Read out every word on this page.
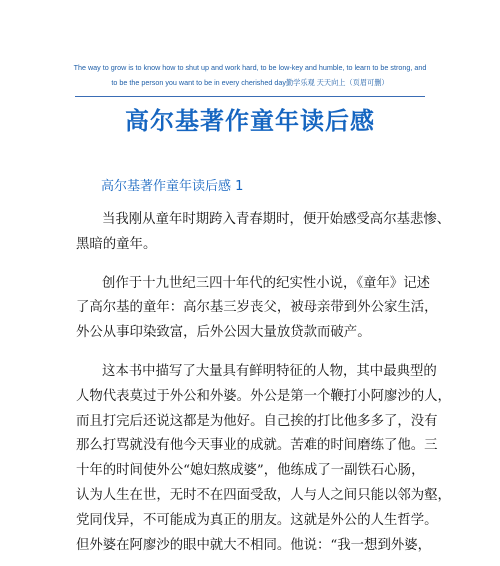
The way to grow is to know how to shut up and work hard, to be low-key and humble, to learn to be strong, and
to be the person you want to be in every cherished day勤学乐观 天天向上（页眉可删）
高尔基著作童年读后感
高尔基著作童年读后感 1
当我刚从童年时期跨入青春期时，便开始感受高尔基悲惨、
黑暗的童年。
创作于十九世纪三四十年代的纪实性小说，《童年》记述
了高尔基的童年：高尔基三岁丧父，被母亲带到外公家生活，
外公从事印染致富，后外公因大量放贷款而破产。
这本书中描写了大量具有鲜明特征的人物，其中最典型的
人物代表莫过于外公和外婆。外公是第一个鞭打小阿廖沙的人，
而且打完后还说这都是为他好。自己挨的打比他多多了，没有
那么打骂就没有他今天事业的成就。苦难的时间磨练了他。三
十年的时间使外公“媳妇熬成婆”，他练成了一副铁石心肠，
认为人生在世，无时不在四面受敌，人与人之间只能以邻为壑，
党同伐异，不可能成为真正的朋友。这就是外公的人生哲学。
但外婆在阿廖沙的眼中就大不相同。他说：“我一想到外婆，
